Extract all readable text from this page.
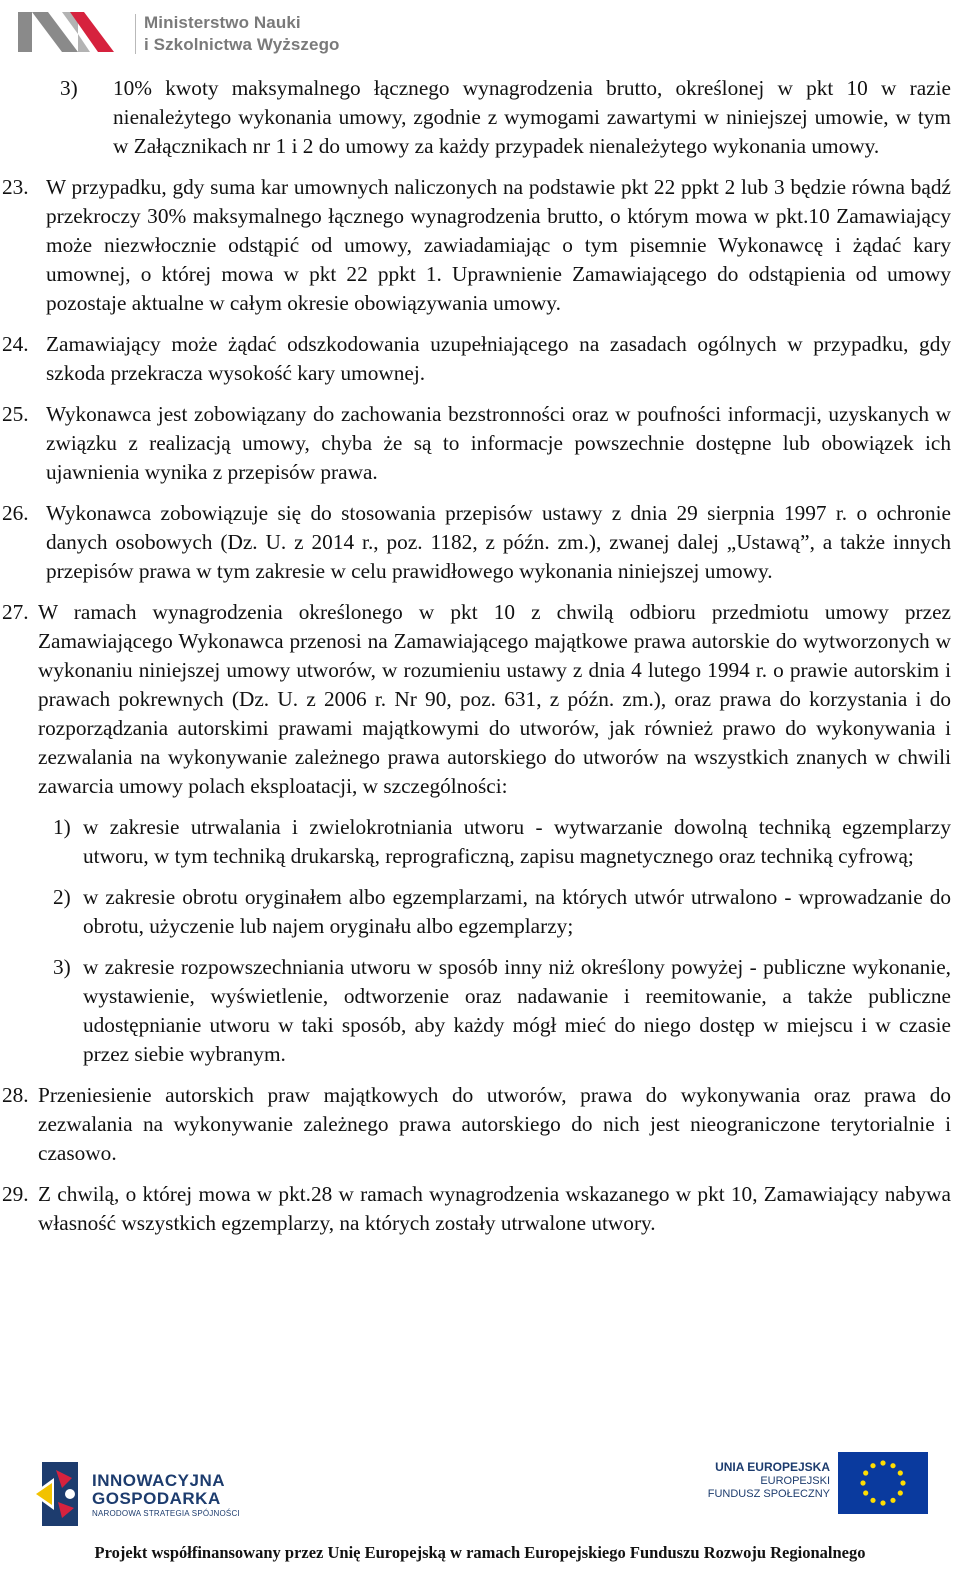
Ministerstwo Nauki
i Szkolnictwa Wyższego
3) 10% kwoty maksymalnego łącznego wynagrodzenia brutto, określonej w pkt 10 w razie nienależytego wykonania umowy, zgodnie z wymogami zawartymi w niniejszej umowie, w tym w Załącznikach nr 1 i 2 do umowy za każdy przypadek nienależytego wykonania umowy.
23. W przypadku, gdy suma kar umownych naliczonych na podstawie pkt 22 ppkt 2 lub 3 będzie równa bądź przekroczy 30% maksymalnego łącznego wynagrodzenia brutto, o którym mowa w pkt.10 Zamawiający może niezwłocznie odstąpić od umowy, zawiadamiając o tym pisemnie Wykonawcę i żądać kary umownej, o której mowa w pkt 22 ppkt 1. Uprawnienie Zamawiającego do odstąpienia od umowy pozostaje aktualne w całym okresie obowiązywania umowy.
24. Zamawiający może żądać odszkodowania uzupełniającego na zasadach ogólnych w przypadku, gdy szkoda przekracza wysokość kary umownej.
25. Wykonawca jest zobowiązany do zachowania bezstronności oraz w poufności informacji, uzyskanych w związku z realizacją umowy, chyba że są to informacje powszechnie dostępne lub obowiązek ich ujawnienia wynika z przepisów prawa.
26. Wykonawca zobowiązuje się do stosowania przepisów ustawy z dnia 29 sierpnia 1997 r. o ochronie danych osobowych (Dz. U. z 2014 r., poz. 1182, z późn. zm.), zwanej dalej „Ustawą”, a także innych przepisów prawa w tym zakresie w celu prawidłowego wykonania niniejszej umowy.
27. W ramach wynagrodzenia określonego w pkt 10 z chwilą odbioru przedmiotu umowy przez Zamawiającego Wykonawca przenosi na Zamawiającego majątkowe prawa autorskie do wytworzonych w wykonaniu niniejszej umowy utworów, w rozumieniu ustawy z dnia 4 lutego 1994 r. o prawie autorskim i prawach pokrewnych (Dz. U. z 2006 r. Nr 90, poz. 631, z późn. zm.), oraz prawa do korzystania i do rozporządzania autorskimi prawami majątkowymi do utworów, jak również prawo do wykonywania i zezwalania na wykonywanie zależnego prawa autorskiego do utworów na wszystkich znanych w chwili zawarcia umowy polach eksploatacji, w szczególności:
1) w zakresie utrwalania i zwielokrotniania utworu - wytwarzanie dowolną techniką egzemplarzy utworu, w tym techniką drukarską, reprograficzną, zapisu magnetycznego oraz techniką cyfrową;
2) w zakresie obrotu oryginałem albo egzemplarzami, na których utwór utrwalono - wprowadzanie do obrotu, użyczenie lub najem oryginału albo egzemplarzy;
3) w zakresie rozpowszechniania utworu w sposób inny niż określony powyżej - publiczne wykonanie, wystawienie, wyświetlenie, odtworzenie oraz nadawanie i reemitowanie, a także publiczne udostępnianie utworu w taki sposób, aby każdy mógł mieć do niego dostęp w miejscu i w czasie przez siebie wybranym.
28. Przeniesienie autorskich praw majątkowych do utworów, prawa do wykonywania oraz prawa do zezwalania na wykonywanie zależnego prawa autorskiego do nich jest nieograniczone terytorialnie i czasowo.
29. Z chwilą, o której mowa w pkt.28 w ramach wynagrodzenia wskazanego w pkt 10, Zamawiający nabywa własność wszystkich egzemplarzy, na których zostały utrwalone utwory.
INNOWACYJNA
GOSPODARKA
NARODOWA STRATEGIA SPÓJNOŚCI
UNIA EUROPEJSKA
EUROPEJSKI
FUNDUSZ SPOŁECZNY
Projekt współfinansowany przez Unię Europejską w ramach Europejskiego Funduszu Rozwoju Regionalnego
